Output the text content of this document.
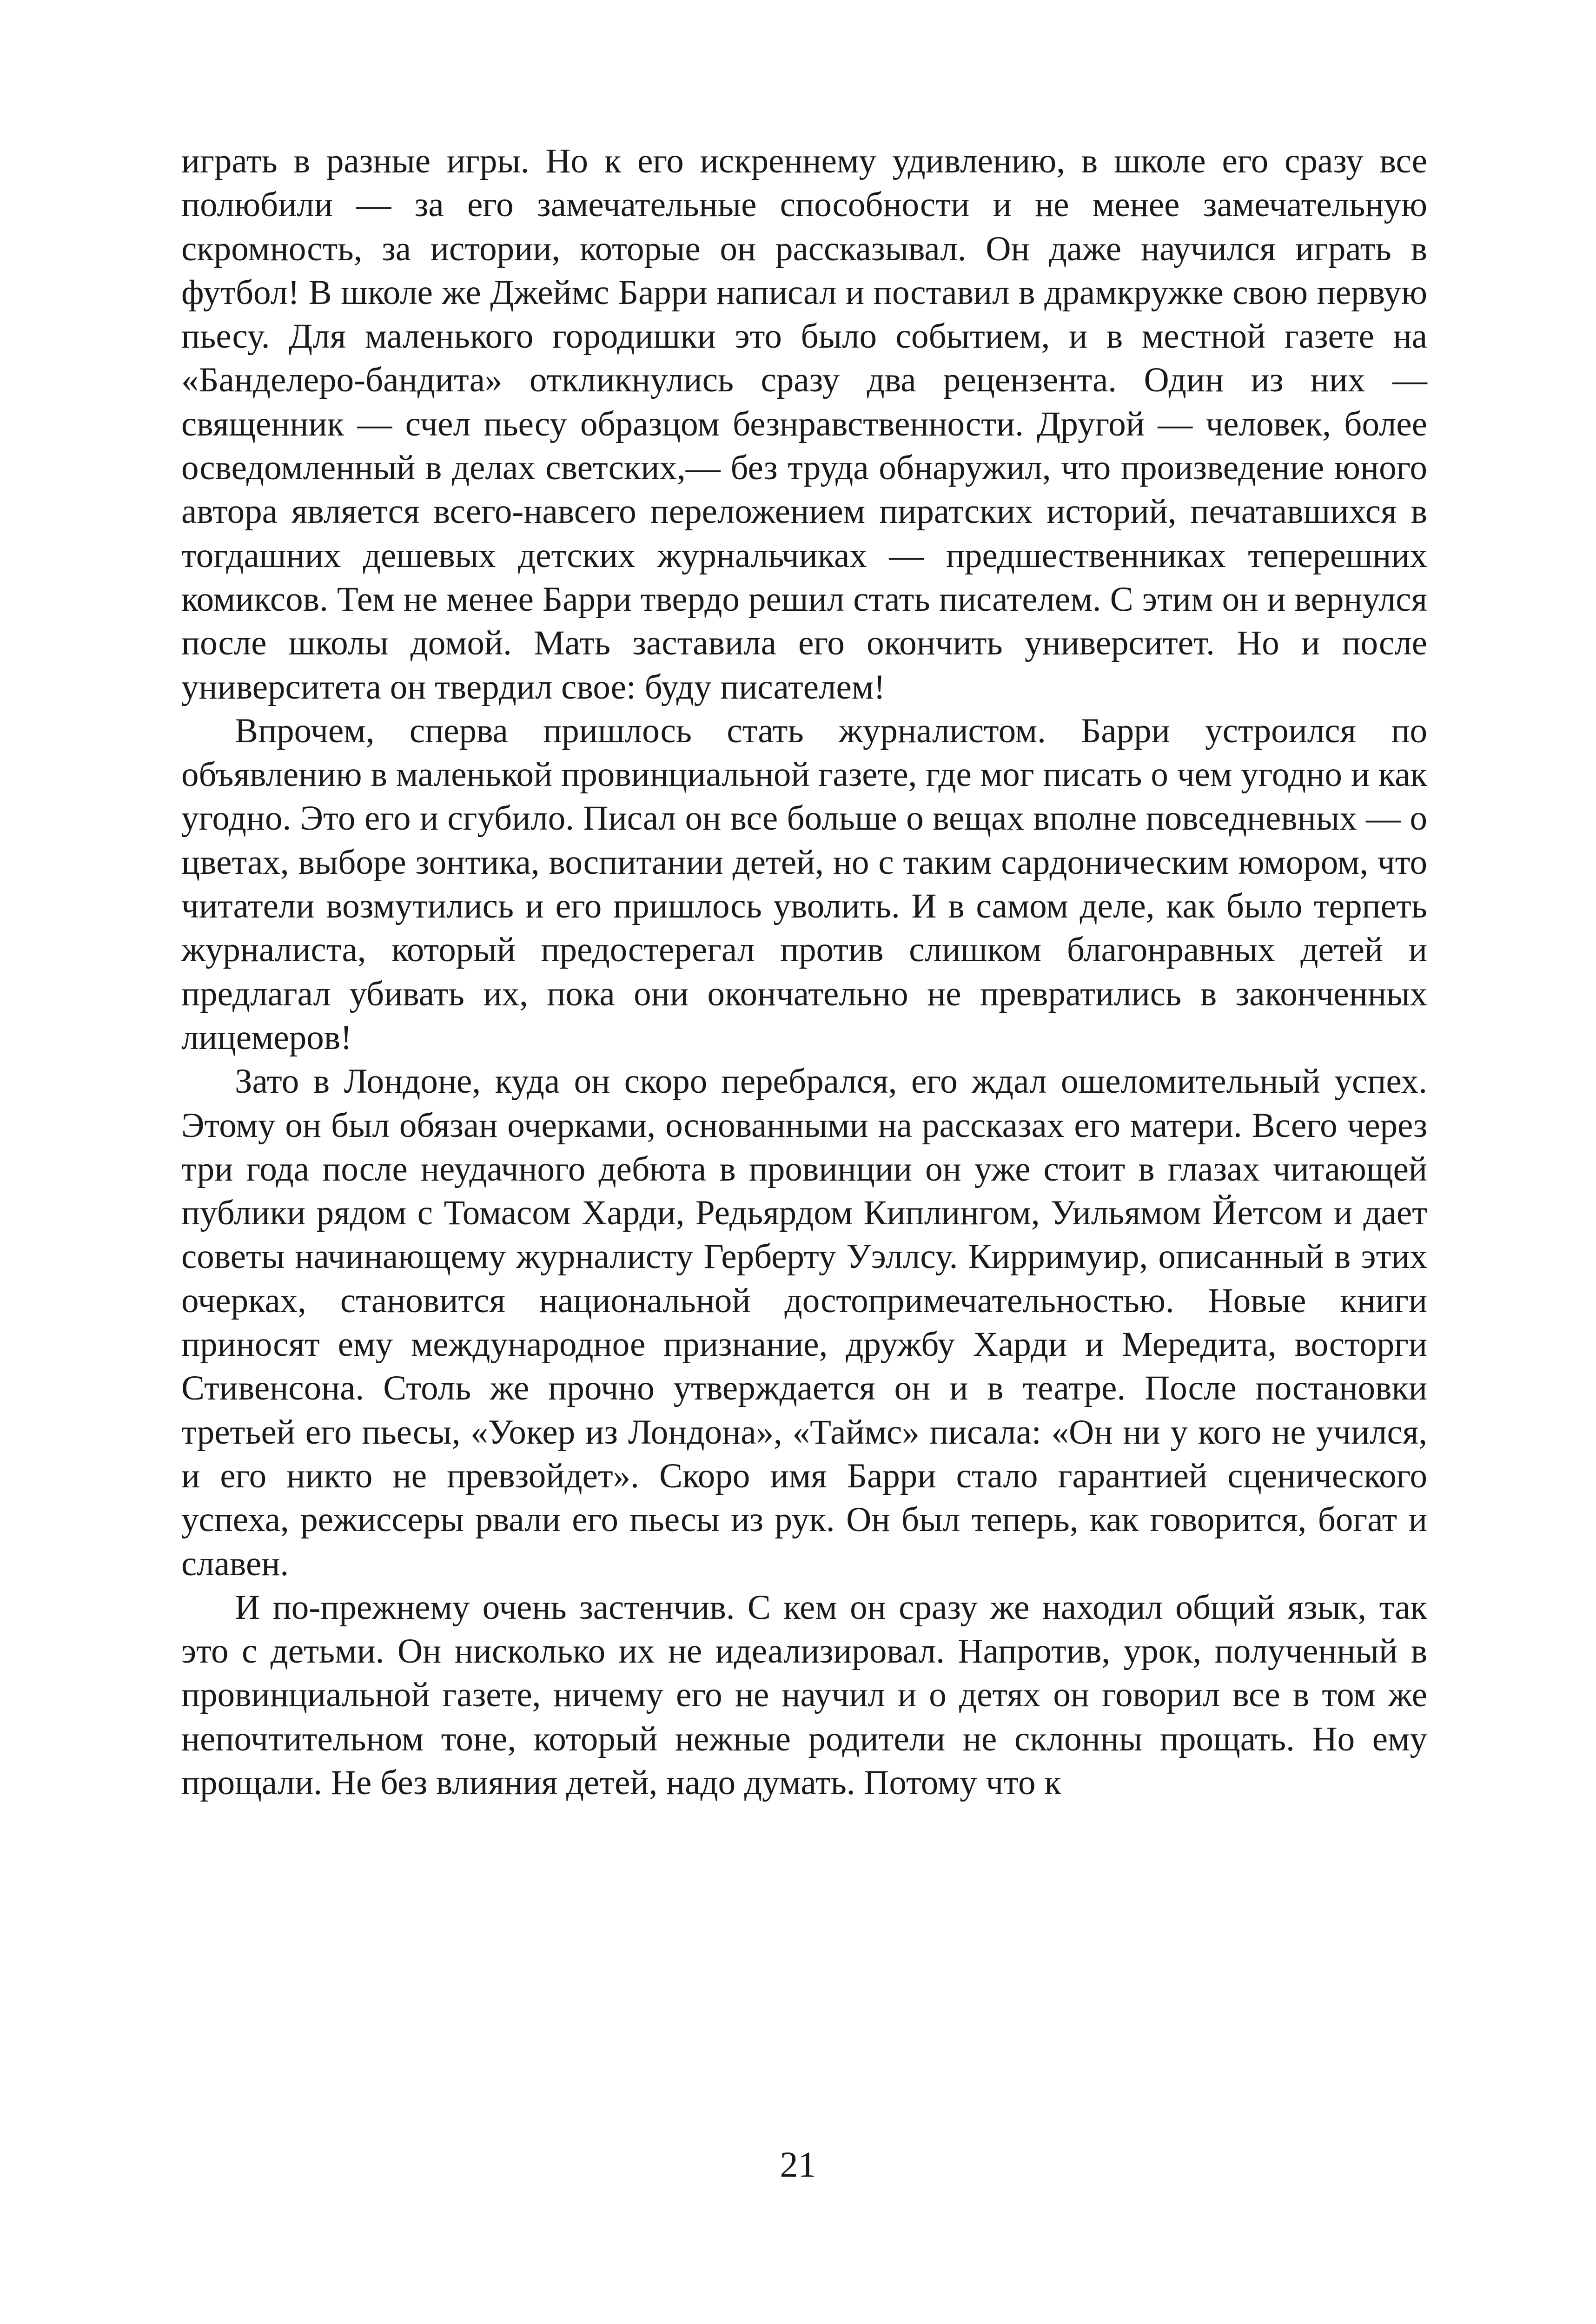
играть в разные игры. Но к его искреннему удивлению, в школе его сразу все полюбили — за его замечательные способности и не менее замечательную скромность, за истории, которые он рассказывал. Он даже научился играть в футбол! В школе же Джеймс Барри написал и поставил в драмкружке свою первую пьесу. Для маленького городишки это было событием, и в местной газете на «Банделеро-бандита» откликнулись сразу два рецензента. Один из них — священник — счел пьесу образцом безнравственности. Другой — человек, более осведомленный в делах светских,— без труда обнаружил, что произведение юного автора является всего-навсего переложением пиратских историй, печатавшихся в тогдашних дешевых детских журнальчиках — предшественниках теперешних комиксов. Тем не менее Барри твердо решил стать писателем. С этим он и вернулся после школы домой. Мать заставила его окончить университет. Но и после университета он твердил свое: буду писателем!

Впрочем, сперва пришлось стать журналистом. Барри устроился по объявлению в маленькой провинциальной газете, где мог писать о чем угодно и как угодно. Это его и сгубило. Писал он все больше о вещах вполне повседневных — о цветах, выборе зонтика, воспитании детей, но с таким сардоническим юмором, что читатели возмутились и его пришлось уволить. И в самом деле, как было терпеть журналиста, который предостерегал против слишком благонравных детей и предлагал убивать их, пока они окончательно не превратились в законченных лицемеров!

Зато в Лондоне, куда он скоро перебрался, его ждал ошеломительный успех. Этому он был обязан очерками, основанными на рассказах его матери. Всего через три года после неудачного дебюта в провинции он уже стоит в глазах читающей публики рядом с Томасом Харди, Редьярдом Киплингом, Уильямом Йетсом и дает советы начинающему журналисту Герберту Уэллсу. Кирримуир, описанный в этих очерках, становится национальной достопримечательностью. Новые книги приносят ему международное признание, дружбу Харди и Мередита, восторги Стивенсона. Столь же прочно утверждается он и в театре. После постановки третьей его пьесы, «Уокер из Лондона», «Таймс» писала: «Он ни у кого не учился, и его никто не превзойдет». Скоро имя Барри стало гарантией сценического успеха, режиссеры рвали его пьесы из рук. Он был теперь, как говорится, богат и славен.

И по-прежнему очень застенчив. С кем он сразу же находил общий язык, так это с детьми. Он нисколько их не идеализировал. Напротив, урок, полученный в провинциальной газете, ничему его не научил и о детях он говорил все в том же непочтительном тоне, который нежные родители не склонны прощать. Но ему прощали. Не без влияния детей, надо думать. Потому что к

21
